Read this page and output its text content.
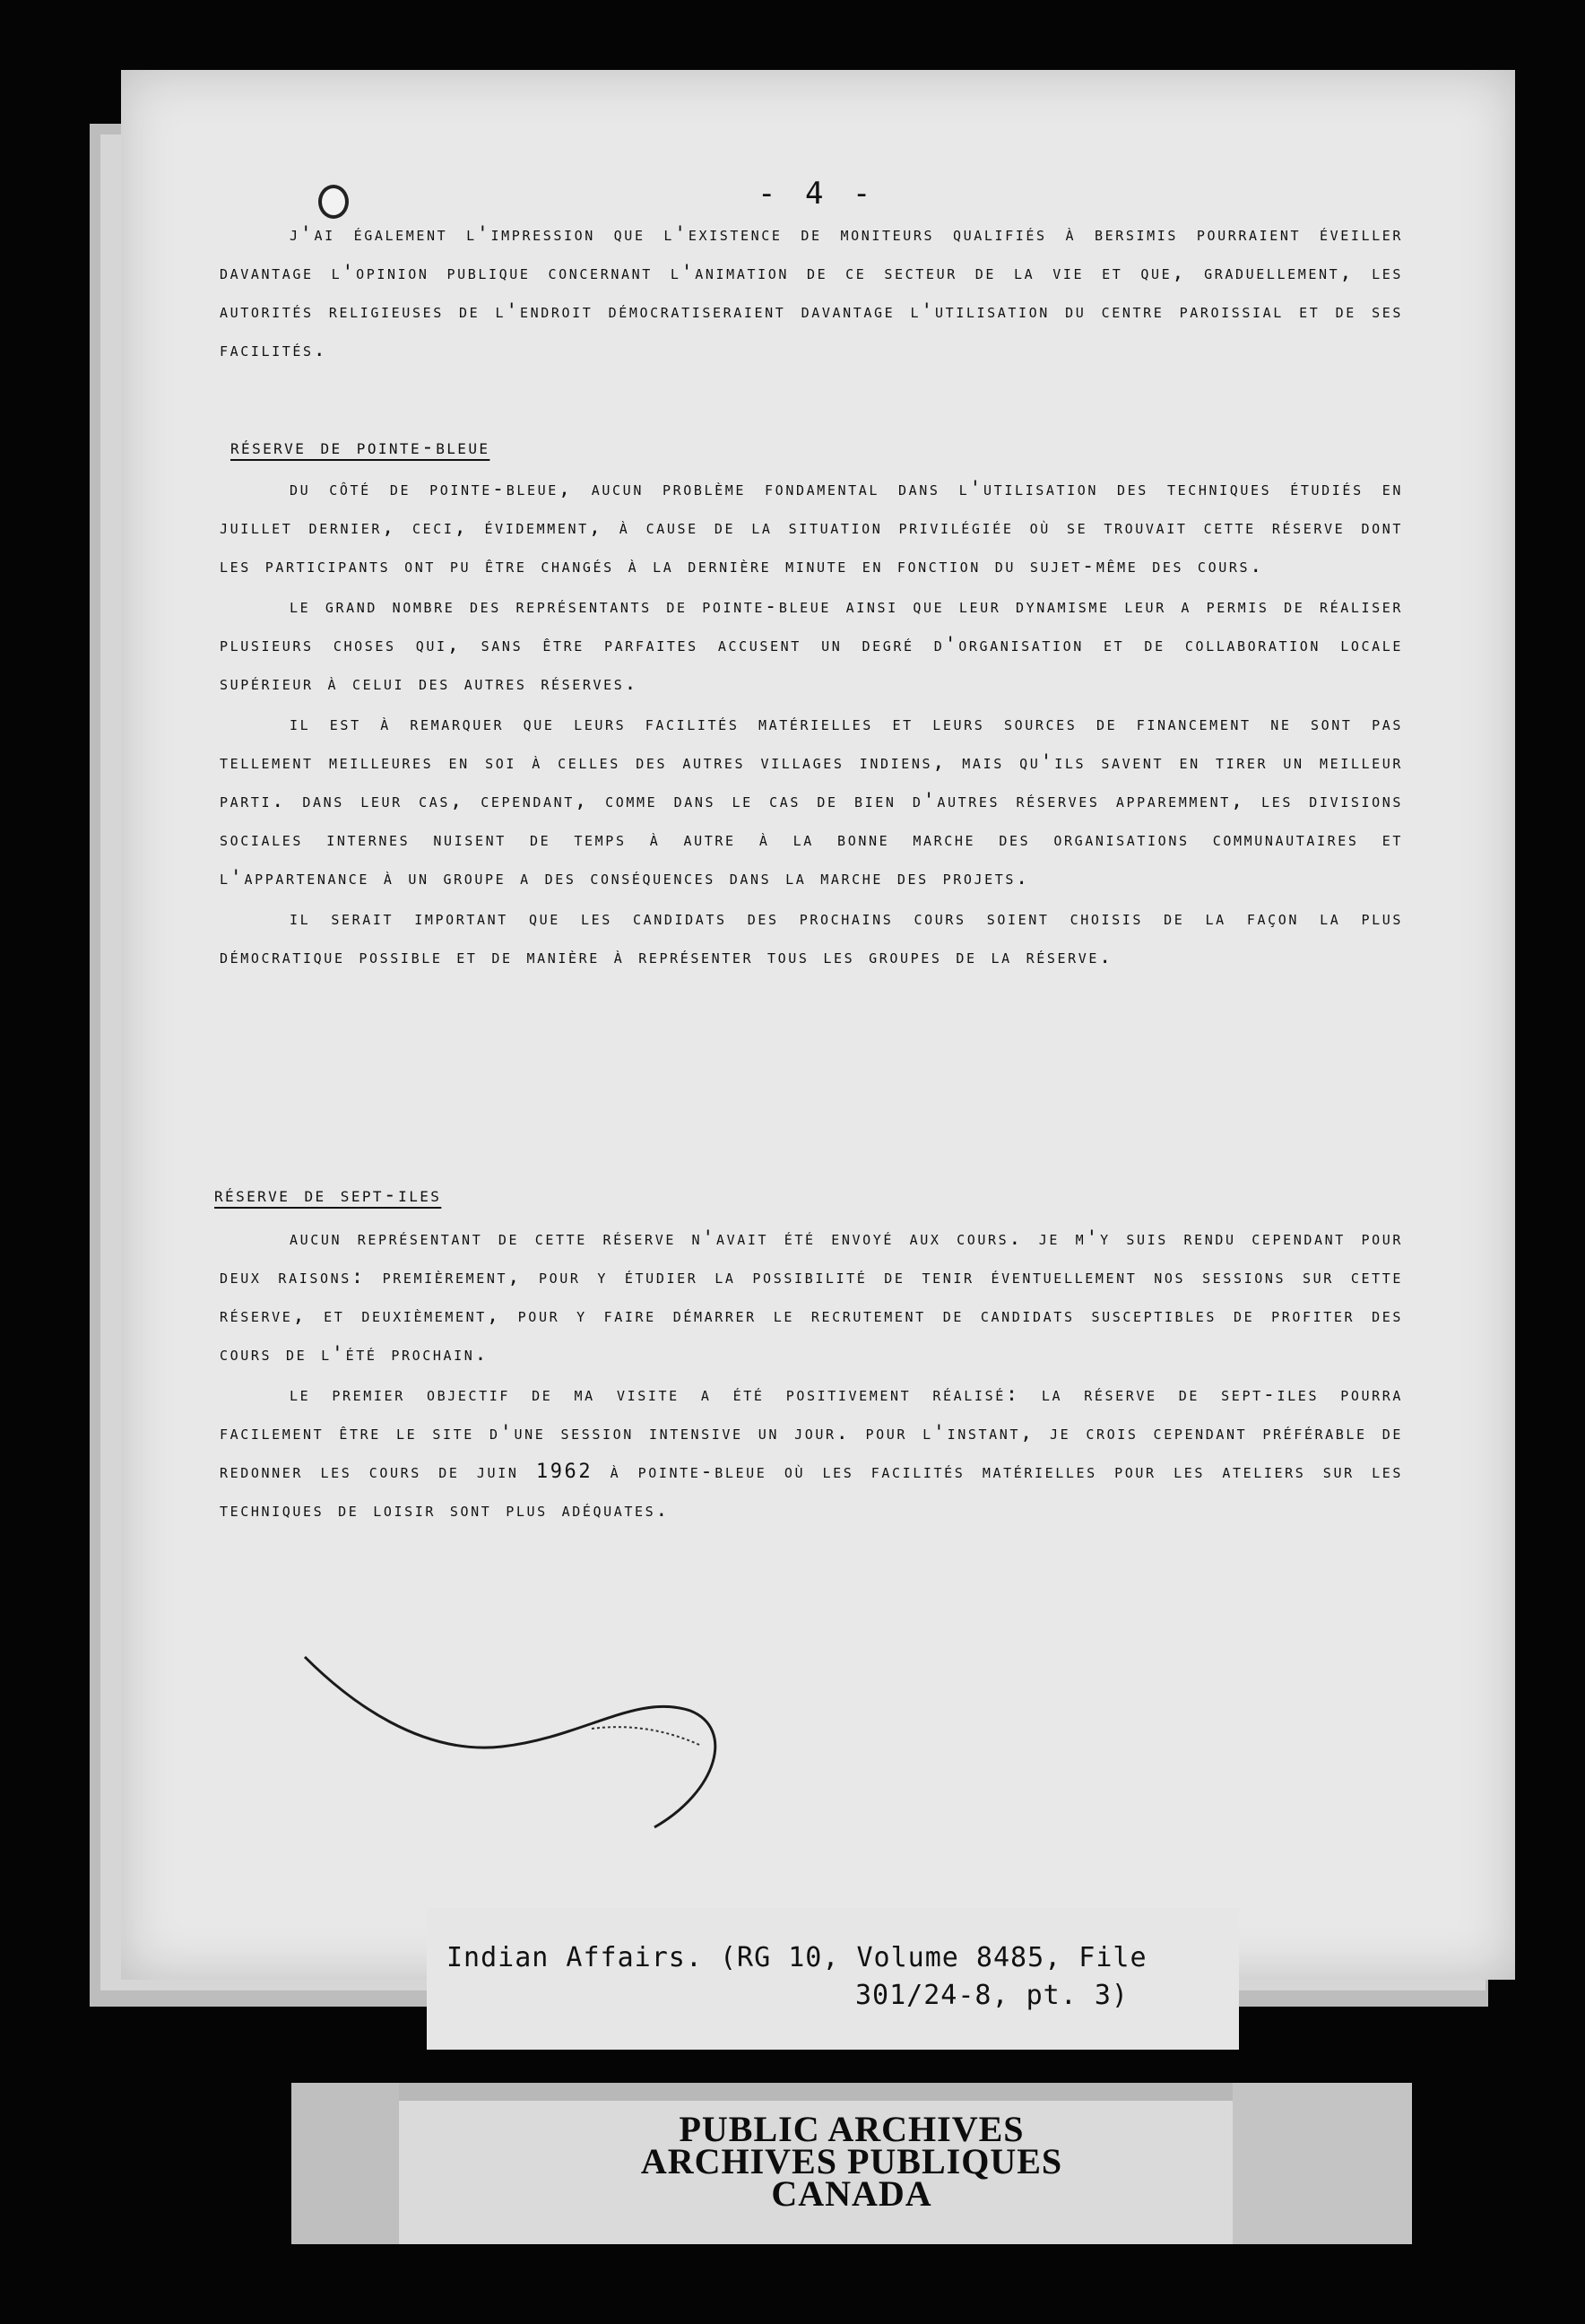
- 4 -

j'ai également l'impression que l'existence de moniteurs qualifiés à bersimis pourraient éveiller davantage l'opinion publique concernant l'animation de ce secteur de la vie et que, graduellement, les autorités religieuses de l'endroit démocratiseraient davantage l'utilisation du centre paroissial et de ses facilités.

réserve de pointe-bleue

du côté de pointe-bleue, aucun problème fondamental dans l'utilisation des techniques étudiés en juillet dernier, ceci, évidemment, à cause de la situation privilégiée où se trouvait cette réserve dont les participants ont pu être changés à la dernière minute en fonction du sujet-même des cours.

le grand nombre des représentants de pointe-bleue ainsi que leur dynamisme leur a permis de réaliser plusieurs choses qui, sans être parfaites accusent un degré d'organisation et de collaboration locale supérieur à celui des autres réserves.

il est à remarquer que leurs facilités matérielles et leurs sources de financement ne sont pas tellement meilleures en soi à celles des autres villages indiens, mais qu'ils savent en tirer un meilleur parti. dans leur cas, cependant, comme dans le cas de bien d'autres réserves apparemment, les divisions sociales internes nuisent de temps à autre à la bonne marche des organisations communautaires et l'appartenance à un groupe a des conséquences dans la marche des projets.

il serait important que les candidats des prochains cours soient choisis de la façon la plus démocratique possible et de manière à représenter tous les groupes de la réserve.

réserve de sept-iles

aucun représentant de cette réserve n'avait été envoyé aux cours. je m'y suis rendu cependant pour deux raisons: premièrement, pour y étudier la possibilité de tenir éventuellement nos sessions sur cette réserve, et deuxièmement, pour y faire démarrer le recrutement de candidats susceptibles de profiter des cours de l'été prochain.

le premier objectif de ma visite a été positivement réalisé: la réserve de sept-iles pourra facilement être le site d'une session intensive un jour. pour l'instant, je crois cependant préférable de redonner les cours de juin 1962 à pointe-bleue où les facilités matérielles pour les ateliers sur les techniques de loisir sont plus adéquates.

Indian Affairs. (RG 10, Volume 8485, File
301/24-8, pt. 3)
PUBLIC ARCHIVES
ARCHIVES PUBLIQUES
CANADA
